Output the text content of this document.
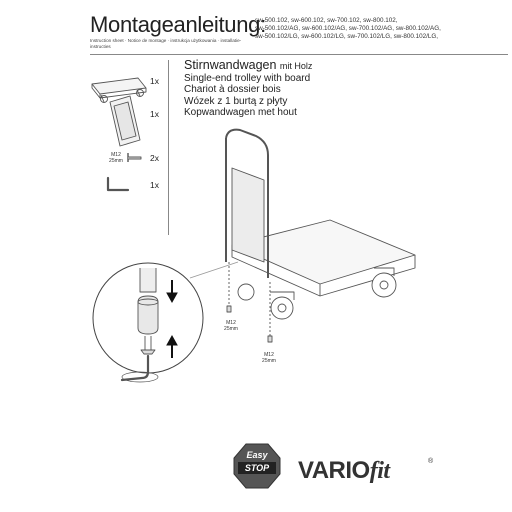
Montageanleitung:
Instruction sheet · Notice de montage · instrukcja użytkowania · installatie-instructies
sw-500.102, sw-600.102, sw-700.102, sw-800.102,
sw-500.102/AG, sw-600.102/AG, sw-700.102/AG, sw-800.102/AG,
sw-500.102/LG, sw-600.102/LG, sw-700.102/LG, sw-800.102/LG,
Stirnwandwagen mit Holz
Single-end trolley with board
Chariot à dossier bois
Wózek z 1 burtą z płyty
Kopwandwagen met hout
1x
1x
2x
1x
M12
25mm
M12
25mm
M12
25mm
Easy
STOP	VARIOfit	®
